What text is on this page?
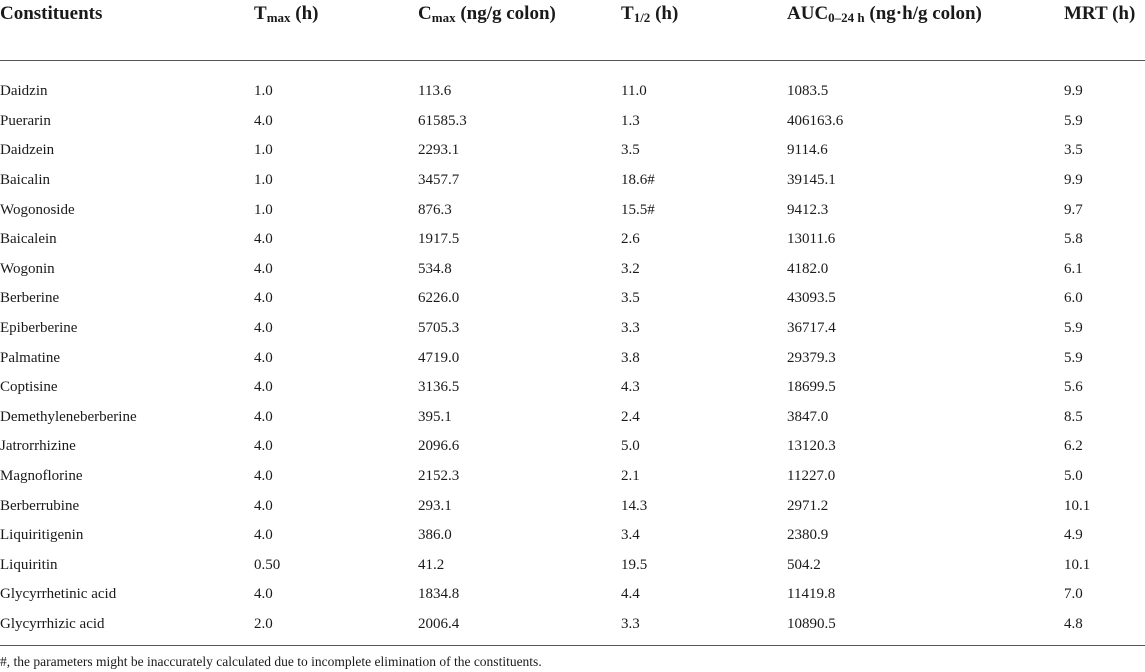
Constituents	$T_{max}$ (h)	$C_{max}$ (ng/g colon)	$T_{1/2}$ (h)	$AUC_{0-24 h}$ (ng·h/g colon)	MRT (h)

Daidzin	1.0	113.6	11.0	1083.5	9.9
Puerarin	4.0	61585.3	1.3	406163.6	5.9
Daidzein	1.0	2293.1	3.5	9114.6	3.5
Baicalin	1.0	3457.7	18.6#	39145.1	9.9
Wogonoside	1.0	876.3	15.5#	9412.3	9.7
Baicalein	4.0	1917.5	2.6	13011.6	5.8
Wogonin	4.0	534.8	3.2	4182.0	6.1
Berberine	4.0	6226.0	3.5	43093.5	6.0
Epiberberine	4.0	5705.3	3.3	36717.4	5.9
Palmatine	4.0	4719.0	3.8	29379.3	5.9
Coptisine	4.0	3136.5	4.3	18699.5	5.6
Demethyleneberberine	4.0	395.1	2.4	3847.0	8.5
Jatrorrhizine	4.0	2096.6	5.0	13120.3	6.2
Magnoflorine	4.0	2152.3	2.1	11227.0	5.0
Berberrubine	4.0	293.1	14.3	2971.2	10.1
Liquiritigenin	4.0	386.0	3.4	2380.9	4.9
Liquiritin	0.50	41.2	19.5	504.2	10.1
Glycyrrhetinic acid	4.0	1834.8	4.4	11419.8	7.0
Glycyrrhizic acid	2.0	2006.4	3.3	10890.5	4.8
#, the parameters might be inaccurately calculated due to incomplete elimination of the constituents.
